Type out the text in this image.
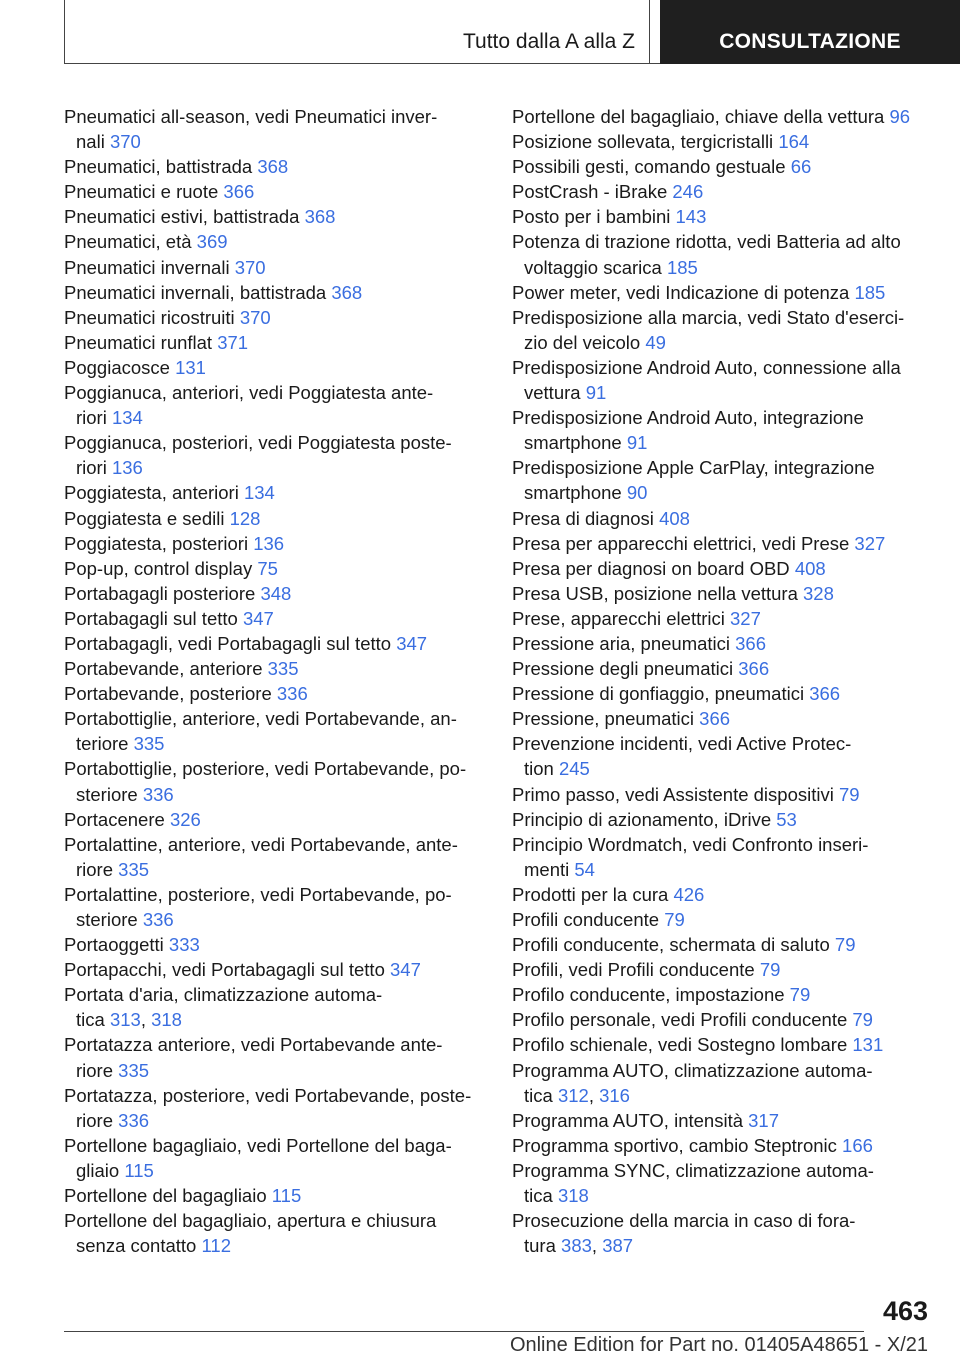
Tutto dalla A alla Z	CONSULTAZIONE

Pneumatici all-season, vedi Pneumatici inver-
nali 370

Pneumatici, battistrada 368

Pneumatici e ruote 366

Pneumatici estivi, battistrada 368

Pneumatici, età 369

Pneumatici invernali 370

Pneumatici invernali, battistrada 368

Pneumatici ricostruiti 370

Pneumatici runflat 371

Poggiacosce 131

Poggianuca, anteriori, vedi Poggiatesta ante-
riori 134

Poggianuca, posteriori, vedi Poggiatesta poste-
riori 136

Poggiatesta, anteriori 134

Poggiatesta e sedili 128

Poggiatesta, posteriori 136

Pop-up, control display 75

Portabagagli posteriore 348

Portabagagli sul tetto 347

Portabagagli, vedi Portabagagli sul tetto 347

Portabevande, anteriore 335

Portabevande, posteriore 336

Portabottiglie, anteriore, vedi Portabevande, an-
teriore 335

Portabottiglie, posteriore, vedi Portabevande, po-
steriore 336

Portacenere 326

Portalattine, anteriore, vedi Portabevande, ante-
riore 335

Portalattine, posteriore, vedi Portabevande, po-
steriore 336

Portaoggetti 333

Portapacchi, vedi Portabagagli sul tetto 347

Portata d'aria, climatizzazione automa-
tica 313, 318

Portatazza anteriore, vedi Portabevande ante-
riore 335

Portatazza, posteriore, vedi Portabevande, poste-
riore 336

Portellone bagagliaio, vedi Portellone del baga-
gliaio 115

Portellone del bagagliaio 115

Portellone del bagagliaio, apertura e chiusura
senza contatto 112

Portellone del bagagliaio, chiave della vettura 96

Posizione sollevata, tergicristalli 164

Possibili gesti, comando gestuale 66

PostCrash - iBrake 246

Posto per i bambini 143

Potenza di trazione ridotta, vedi Batteria ad alto
voltaggio scarica 185

Power meter, vedi Indicazione di potenza 185

Predisposizione alla marcia, vedi Stato d'eserci-
zio del veicolo 49

Predisposizione Android Auto, connessione alla
vettura 91

Predisposizione Android Auto, integrazione
smartphone 91

Predisposizione Apple CarPlay, integrazione
smartphone 90

Presa di diagnosi 408

Presa per apparecchi elettrici, vedi Prese 327

Presa per diagnosi on board OBD 408

Presa USB, posizione nella vettura 328

Prese, apparecchi elettrici 327

Pressione aria, pneumatici 366

Pressione degli pneumatici 366

Pressione di gonfiaggio, pneumatici 366

Pressione, pneumatici 366

Prevenzione incidenti, vedi Active Protec-
tion 245

Primo passo, vedi Assistente dispositivi 79

Principio di azionamento, iDrive 53

Principio Wordmatch, vedi Confronto inseri-
menti 54

Prodotti per la cura 426

Profili conducente 79

Profili conducente, schermata di saluto 79

Profili, vedi Profili conducente 79

Profilo conducente, impostazione 79

Profilo personale, vedi Profili conducente 79

Profilo schienale, vedi Sostegno lombare 131

Programma AUTO, climatizzazione automa-
tica 312, 316

Programma AUTO, intensità 317

Programma sportivo, cambio Steptronic 166

Programma SYNC, climatizzazione automa-
tica 318

Prosecuzione della marcia in caso di fora-
tura 383, 387

463
Online Edition for Part no. 01405A48651 - X/21
